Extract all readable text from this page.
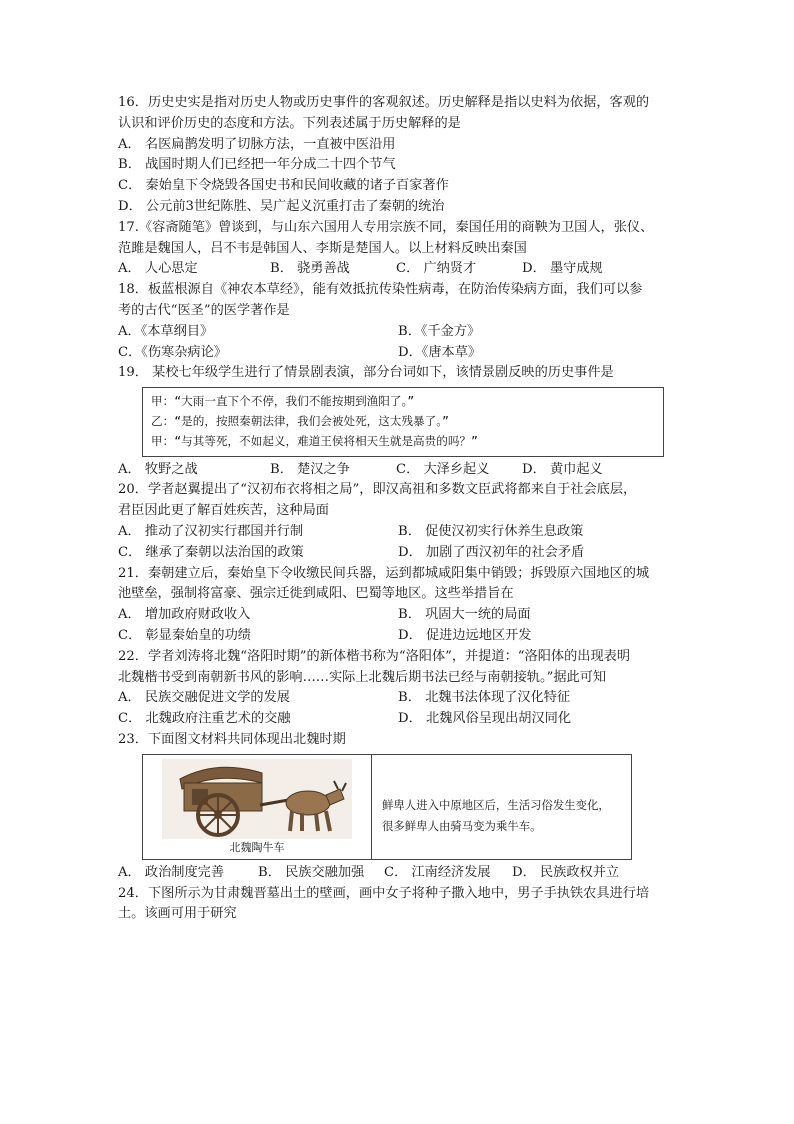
16．历史史实是指对历史人物或历史事件的客观叙述。历史解释是指以史料为依据，客观的
认识和评价历史的态度和方法。下列表述属于历史解释的是
A． 名医扁鹊发明了切脉方法，一直被中医沿用
B． 战国时期人们已经把一年分成二十四个节气
C． 秦始皇下令烧毁各国史书和民间收藏的诸子百家著作
D． 公元前3世纪陈胜、吴广起义沉重打击了秦朝的统治
17.《容斋随笔》曾谈到，与山东六国用人专用宗族不同，秦国任用的商鞅为卫国人，张仪、
范雎是魏国人，吕不韦是韩国人、李斯是楚国人。以上材料反映出秦国
A． 人心思定	B． 骁勇善战	C． 广纳贤才	D． 墨守成规
18．板蓝根源自《神农本草经》，能有效抵抗传染性病毒，在防治传染病方面，我们可以参
考的古代“医圣”的医学著作是
A．《本草纲目》	B．《千金方》
C．《伤寒杂病论》	D．《唐本草》
19． 某校七年级学生进行了情景剧表演，部分台词如下，该情景剧反映的历史事件是
甲：“大雨一直下个不停，我们不能按期到渔阳了。”
乙：“是的，按照秦朝法律，我们会被处死，这太残暴了。”
甲：“与其等死，不如起义，难道王侯将相天生就是高贵的吗？”
A． 牧野之战	B． 楚汉之争	C． 大泽乡起义	D． 黄巾起义
20．学者赵翼提出了“汉初布衣将相之局”，即汉高祖和多数文臣武将都来自于社会底层，
君臣因此更了解百姓疾苦，这种局面
A． 推动了汉初实行郡国并行制	B． 促使汉初实行休养生息政策
C． 继承了秦朝以法治国的政策	D． 加剧了西汉初年的社会矛盾
21．秦朝建立后，秦始皇下令收缴民间兵器，运到都城咸阳集中销毁；拆毁原六国地区的城
池壁垒，强制将富豪、强宗迁徙到咸阳、巴蜀等地区。这些举措旨在
A． 增加政府财政收入	B． 巩固大一统的局面
C． 彰显秦始皇的功绩	D． 促进边远地区开发
22．学者刘涛将北魏“洛阳时期”的新体楷书称为“洛阳体”，并提道：“洛阳体的出现表明
北魏楷书受到南朝新书风的影响……实际上北魏后期书法已经与南朝接轨。”据此可知
A． 民族交融促进文学的发展	B． 北魏书法体现了汉化特征
C． 北魏政府注重艺术的交融	D． 北魏风俗呈现出胡汉同化
23．下面图文材料共同体现出北魏时期
北魏陶牛车
鲜卑人进入中原地区后，生活习俗发生变化，
很多鲜卑人由骑马变为乘牛车。
A． 政治制度完善	B． 民族交融加强	C． 江南经济发展	D． 民族政权并立
24．下图所示为甘肃魏晋墓出土的壁画，画中女子将种子撒入地中，男子手执铁农具进行培
土。该画可用于研究
